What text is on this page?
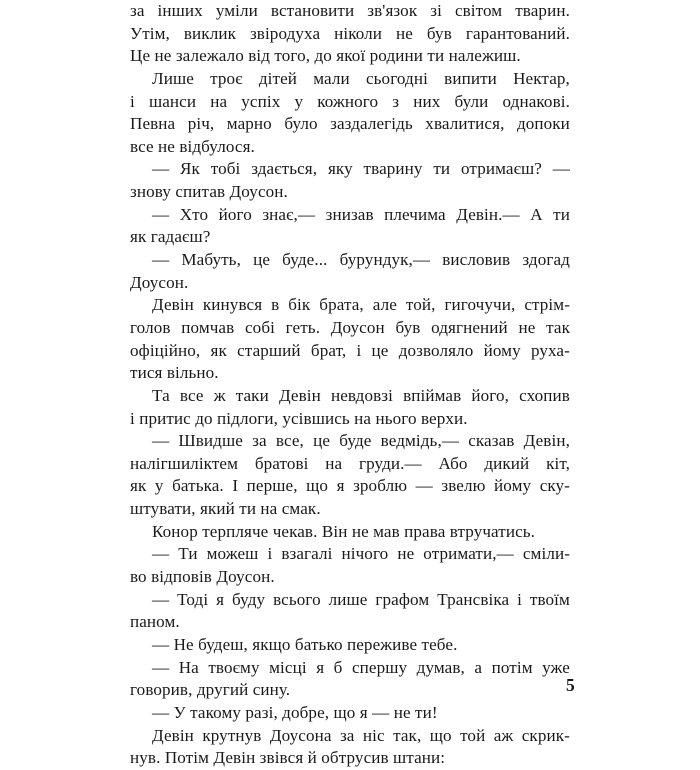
за інших уміли встановити зв'язок зі світом тварин.
Утім, виклик звіродуха ніколи не був гарантований.
Це не залежало від того, до якої родини ти належиш.

Лише троє дітей мали сьогодні випити Нектар,
і шанси на успіх у кожного з них були однакові.
Певна річ, марно було заздалегідь хвалитися, допоки
все не відбулося.

— Як тобі здається, яку тварину ти отримаєш? —
знову спитав Доусон.

— Хто його знає,— знизав плечима Девін.— А ти
як гадаєш?

— Мабуть, це буде... бурундук,— висловив здогад
Доусон.

Девін кинувся в бік брата, але той, гигочучи, стрім-
голов помчав собі геть. Доусон був одягнений не так
офіційно, як старший брат, і це дозволяло йому руха-
тися вільно.

Та все ж таки Девін невдовзі впіймав його, схопив
і притис до підлоги, усівшись на нього верхи.

— Швидше за все, це буде ведмідь,— сказав Девін,
налігшиліктем братові на груди.— Або дикий кіт,
як у батька. І перше, що я зроблю — звелю йому ску-
штувати, який ти на смак.

Конор терпляче чекав. Він не мав права втручатись.

— Ти можеш і взагалі нічого не отримати,— сміли-
во відповів Доусон.

— Тоді я буду всього лише графом Трансвіка і твоїм
паном.

— Не будеш, якщо батько переживе тебе.

— На твоєму місці я б спершу думав, а потім уже
говорив, другий сину.

— У такому разі, добре, що я — не ти!

Девін крутнув Доусона за ніс так, що той аж скрик-
нув. Потім Девін звівся й обтрусив штани:

5
